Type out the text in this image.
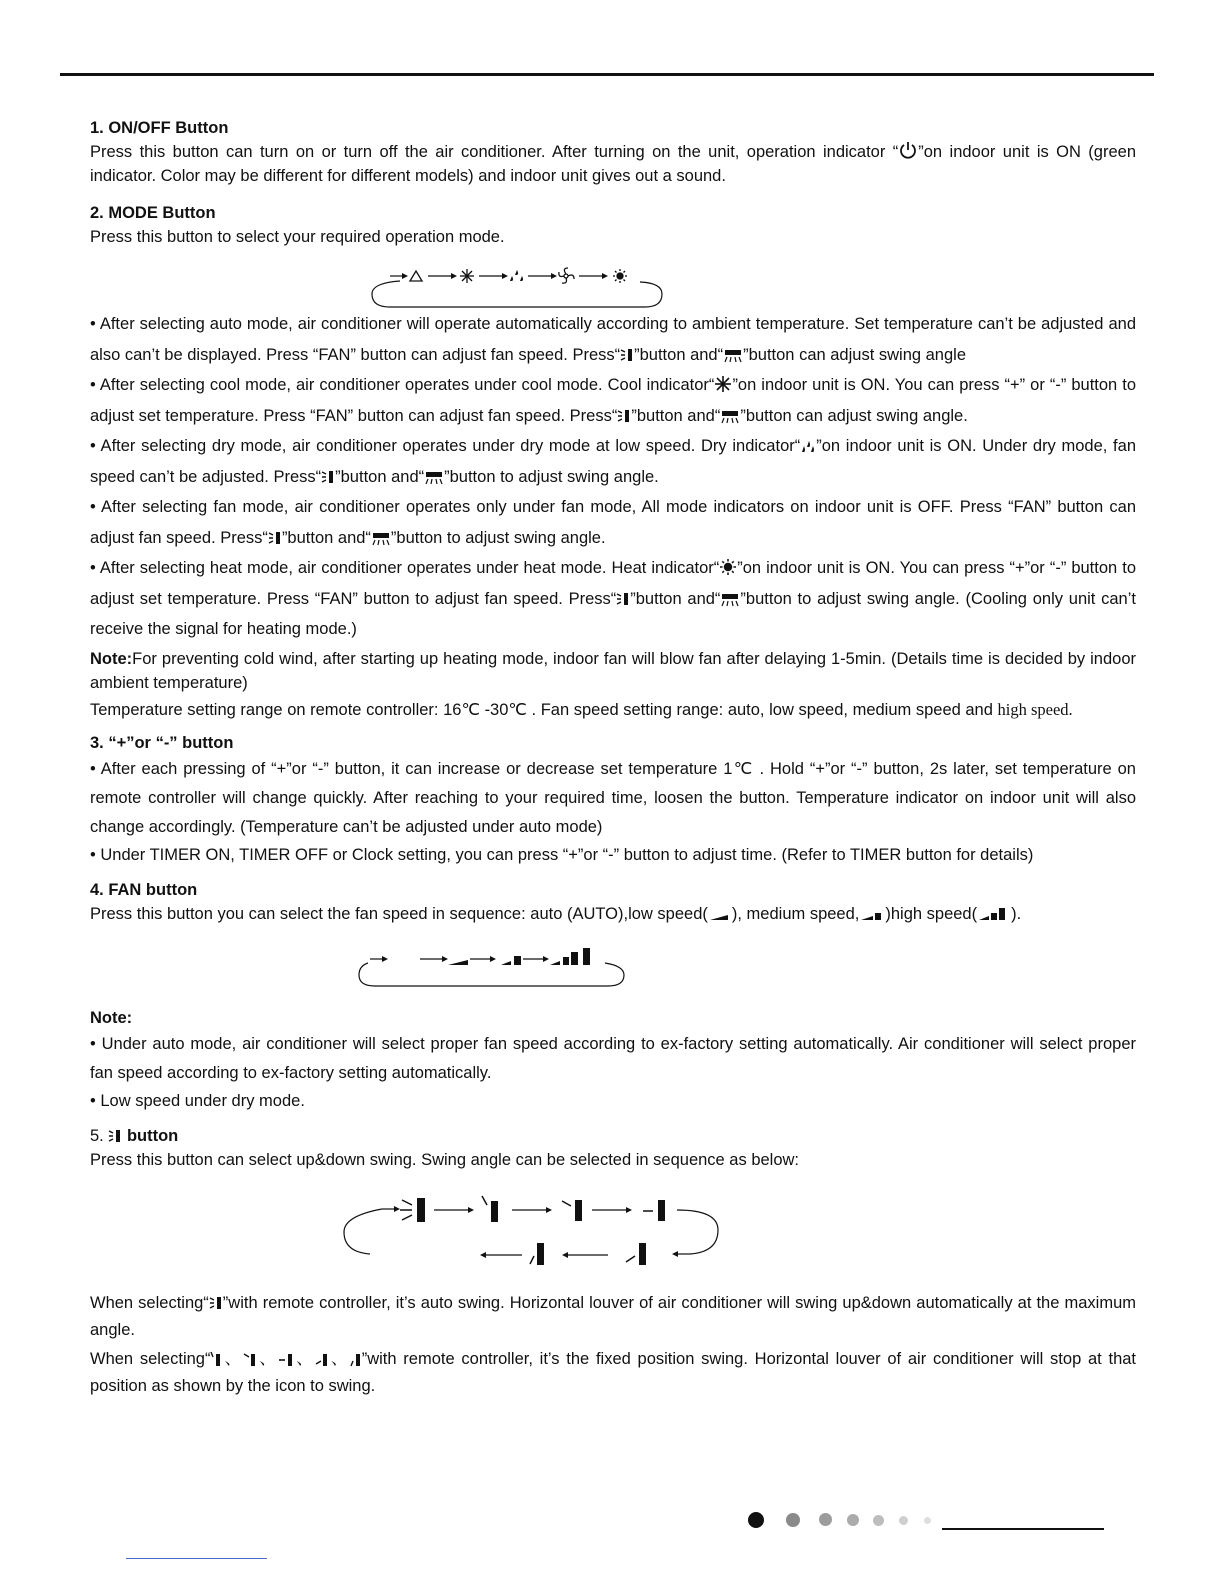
1. ON/OFF Button
Press this button can turn on or turn off the air conditioner. After turning on the unit, operation indicator “ ”on indoor unit is ON (green indicator. Color may be different for different models) and indoor unit gives out a sound.
2. MODE Button
Press this button to select your required operation mode.
• After selecting auto mode, air conditioner will operate automatically according to ambient temperature. Set temperature can’t be adjusted and also can’t be displayed. Press “FAN” button can adjust fan speed. Press“ ”button and“ ”button can adjust swing angle
• After selecting cool mode, air conditioner operates under cool mode. Cool indicator“ ”on indoor unit is ON. You can press “+” or “-” button to adjust set temperature. Press “FAN” button can adjust fan speed. Press“ ”button and“ ”button can adjust swing angle.
• After selecting dry mode, air conditioner operates under dry mode at low speed. Dry indicator“ ”on indoor unit is ON. Under dry mode, fan speed can’t be adjusted. Press“ ”button and“ ”button to adjust swing angle.
• After selecting fan mode, air conditioner operates only under fan mode, All mode indicators on indoor unit is OFF. Press “FAN” button can adjust fan speed. Press“ ”button and“ ”button to adjust swing angle.
• After selecting heat mode, air conditioner operates under heat mode. Heat indicator“ ”on indoor unit is ON. You can press “+”or “-” button to adjust set temperature. Press “FAN” button to adjust fan speed. Press“ ”button and“ ”button to adjust swing angle. (Cooling only unit can’t receive the signal for heating mode.)
Note:For preventing cold wind, after starting up heating mode, indoor fan will blow fan after delaying 1-5min. (Details time is decided by indoor ambient temperature)
Temperature setting range on remote controller: 16℃ -30℃ . Fan speed setting range: auto, low speed, medium speed and high speed.
3. “+”or “-” button
• After each pressing of “+”or “-” button, it can increase or decrease set temperature 1℃ . Hold “+”or “-” button, 2s later, set temperature on remote controller will change quickly. After reaching to your required time, loosen the button. Temperature indicator on indoor unit will also change accordingly. (Temperature can’t be adjusted under auto mode)
• Under TIMER ON, TIMER OFF or Clock setting, you can press “+”or “-” button to adjust time. (Refer to TIMER button for details)
4. FAN button
Press this button you can select the fan speed in sequence: auto (AUTO),low speed( ), medium speed, )high speed( ).
Note:
• Under auto mode, air conditioner will select proper fan speed according to ex-factory setting automatically. Air conditioner will select proper fan speed according to ex-factory setting automatically.
• Low speed under dry mode.
5. button
Press this button can select up&down swing. Swing angle can be selected in sequence as below:
When selecting“ ”with remote controller, it’s auto swing. Horizontal louver of air conditioner will swing up&down automatically at the maximum angle.
When selecting“ 、 、 、 、 ”with remote controller, it’s the fixed position swing. Horizontal louver of air conditioner will stop at that position as shown by the icon to swing.
